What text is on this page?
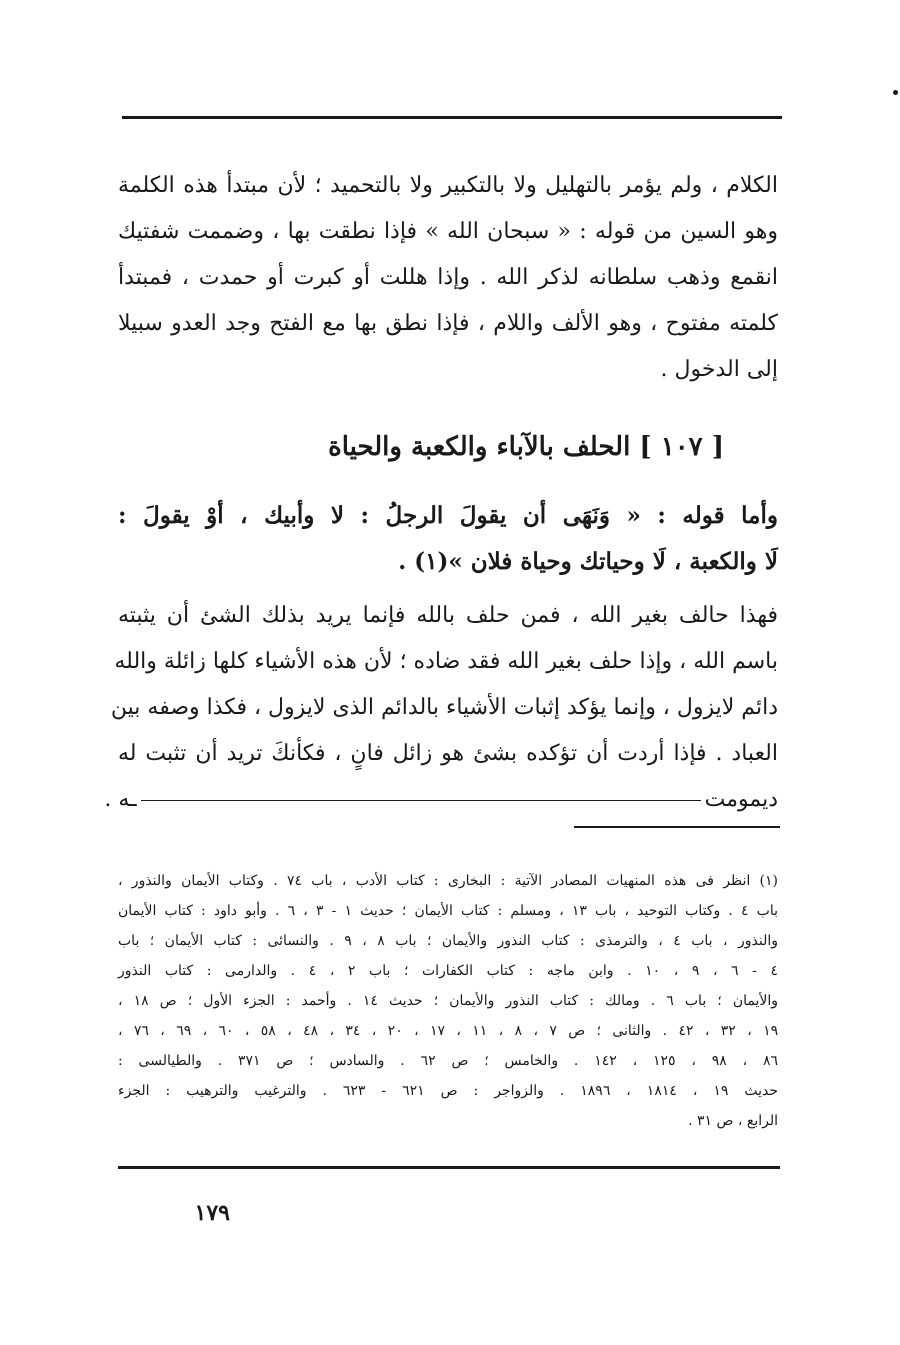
الكلام ، ولم يؤمر بالتهليل ولا بالتكبير ولا بالتحميد ؛ لأن مبتدأ هذه الكلمة
وهو السين من قوله : « سبحان الله » فإذا نطقت بها ، وضممت شفتيك
انقمع وذهب سلطانه لذكر الله . وإذا هللت أو كبرت أو حمدت ، فمبتدأ
كلمته مفتوح ، وهو الألف واللام ، فإذا نطق بها مع الفتح وجد العدو سبيلا
إلى الدخول .
[ ١٠٧ ] الحلف بالآباء والكعبة والحياة
وأما قوله : « وَنَهَى أن يقولَ الرجلُ : لا وأبيك ، أوْ يقولَ :
لَا والكعبة ، لَا وحياتك وحياة فلان »(١) .
فهذا حالف بغير الله ، فمن حلف بالله فإنما يريد بذلك الشئ أن يثبته
باسم الله ، وإذا حلف بغير الله فقد ضاده ؛ لأن هذه الأشياء كلها زائلة والله
دائم لايزول ، وإنما يؤكد إثبات الأشياء بالدائم الذى لايزول ، فكذا وصفه بين
العباد . فإذا أردت أن تؤكده بشئ هو زائل فانٍ ، فكأنكَ تريد أن تثبت له
ديمومتـه .
(١) انظر فى هذه المنهيات المصادر الآتية : البخارى : كتاب الأدب ، باب ٧٤ . وكتاب الأيمان والنذور ،
باب ٤ . وكتاب التوحيد ، باب ١٣ ، ومسلم : كتاب الأيمان ؛ حديث ١ - ٣ ، ٦ . وأبو داود : كتاب الأيمان
والنذور ، باب ٤ ، والترمذى : كتاب النذور والأيمان ؛ باب ٨ ، ٩ . والنسائى : كتاب الأيمان ؛ باب
٤ - ٦ ، ٩ ، ١٠ . وابن ماجه : كتاب الكفارات ؛ باب ٢ ، ٤ . والدارمى : كتاب النذور
والأيمان ؛ باب ٦ . ومالك : كتاب النذور والأيمان ؛ حديث ١٤ . وأحمد : الجزء الأول ؛ ص ١٨ ،
١٩ ، ٣٢ ، ٤٢ . والثانى ؛ ص ٧ ، ٨ ، ١١ ، ١٧ ، ٢٠ ، ٣٤ ، ٤٨ ، ٥٨ ، ٦٠ ، ٦٩ ، ٧٦ ،
٨٦ ، ٩٨ ، ١٢٥ ، ١٤٢ . والخامس ؛ ص ٦٢ . والسادس ؛ ص ٣٧١ . والطيالسى :
حديث ١٩ ، ١٨١٤ ، ١٨٩٦ . والزواجر : ص ٦٢١ - ٦٢٣ . والترغيب والترهيب : الجزء
الرابع ، ص ٣١ .
١٧٩
